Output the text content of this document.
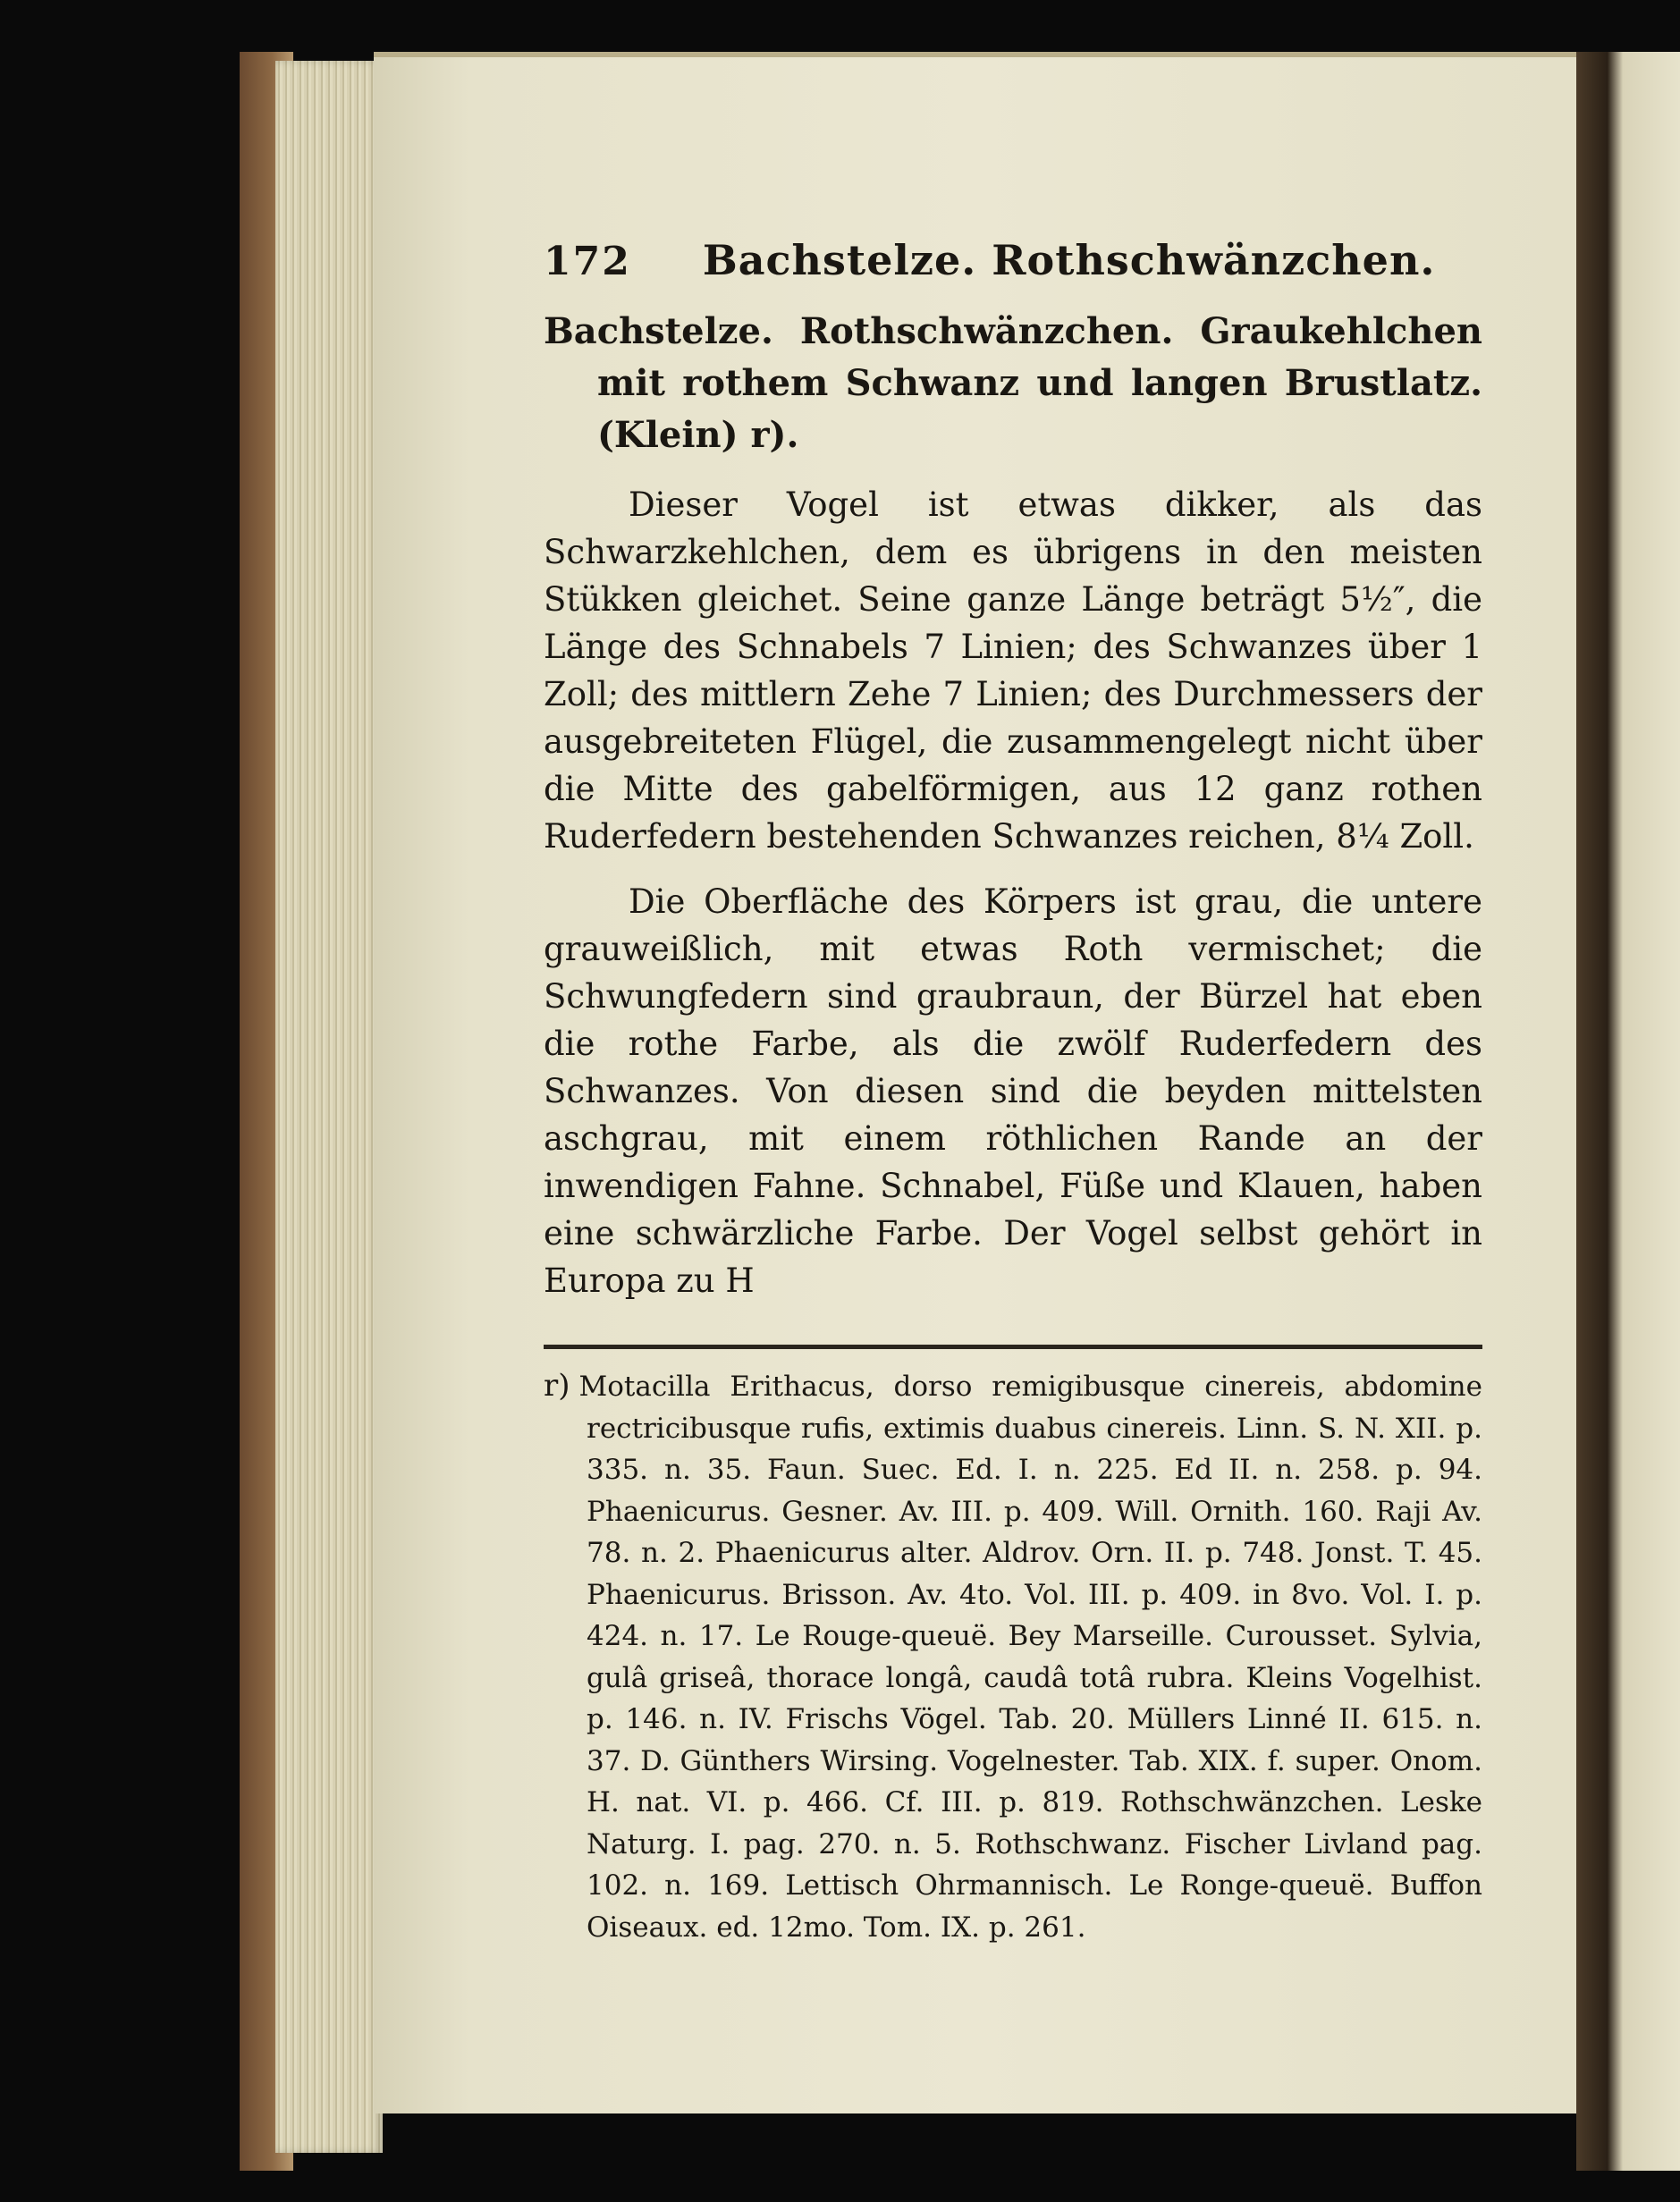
172 Bachstelze. Rothschwänzchen.

Bachstelze. Rothschwänzchen. Graukehlchen mit rothem Schwanz und langen Brustlatz. (Klein) r).

Dieser Vogel ist etwas dikker, als das Schwarzkehlchen, dem es übrigens in den meisten Stükken gleichet. Seine ganze Länge beträgt 5½″, die Länge des Schnabels 7 Linien; des Schwanzes über 1 Zoll; des mittlern Zehe 7 Linien; des Durchmessers der ausgebreiteten Flügel, die zusammengelegt nicht über die Mitte des gabelförmigen, aus 12 ganz rothen Ruderfedern bestehenden Schwanzes reichen, 8¼ Zoll.

Die Oberfläche des Körpers ist grau, die untere grauweißlich, mit etwas Roth vermischet; die Schwungfedern sind graubraun, der Bürzel hat eben die rothe Farbe, als die zwölf Ruderfedern des Schwanzes. Von diesen sind die beyden mittelsten aschgrau, mit einem röthlichen Rande an der inwendigen Fahne. Schnabel, Füße und Klauen, haben eine schwärzliche Farbe. Der Vogel selbst gehört in Europa zu H

r) Motacilla Erithacus, dorso remigibusque cinereis, abdomine rectricibusque rufis, extimis duabus cinereis. Linn. S. N. XII. p. 335. n. 35. Faun. Suec. Ed. I. n. 225. Ed II. n. 258. p. 94. Phaenicurus. Gesner. Av. III. p. 409. Will. Ornith. 160. Raji Av. 78. n. 2. Phaenicurus alter. Aldrov. Orn. II. p. 748. Jonst. T. 45. Phaenicurus. Brisson. Av. 4to. Vol. III. p. 409. in 8vo. Vol. I. p. 424. n. 17. Le Rouge-queuë. Bey Marseille. Curousset. Sylvia, gulâ griseâ, thorace longâ, caudâ totâ rubra. Kleins Vogelhist. p. 146. n. IV. Frischs Vögel. Tab. 20. Müllers Linné II. 615. n. 37. D. Günthers Wirsing. Vogelnester. Tab. XIX. f. super. Onom. H. nat. VI. p. 466. Cf. III. p. 819. Rothschwänzchen. Leske Naturg. I. pag. 270. n. 5. Rothschwanz. Fischer Livland pag. 102. n. 169. Lettisch Ohrmannisch. Le Ronge-queuë. Buffon Oiseaux. ed. 12mo. Tom. IX. p. 261.
